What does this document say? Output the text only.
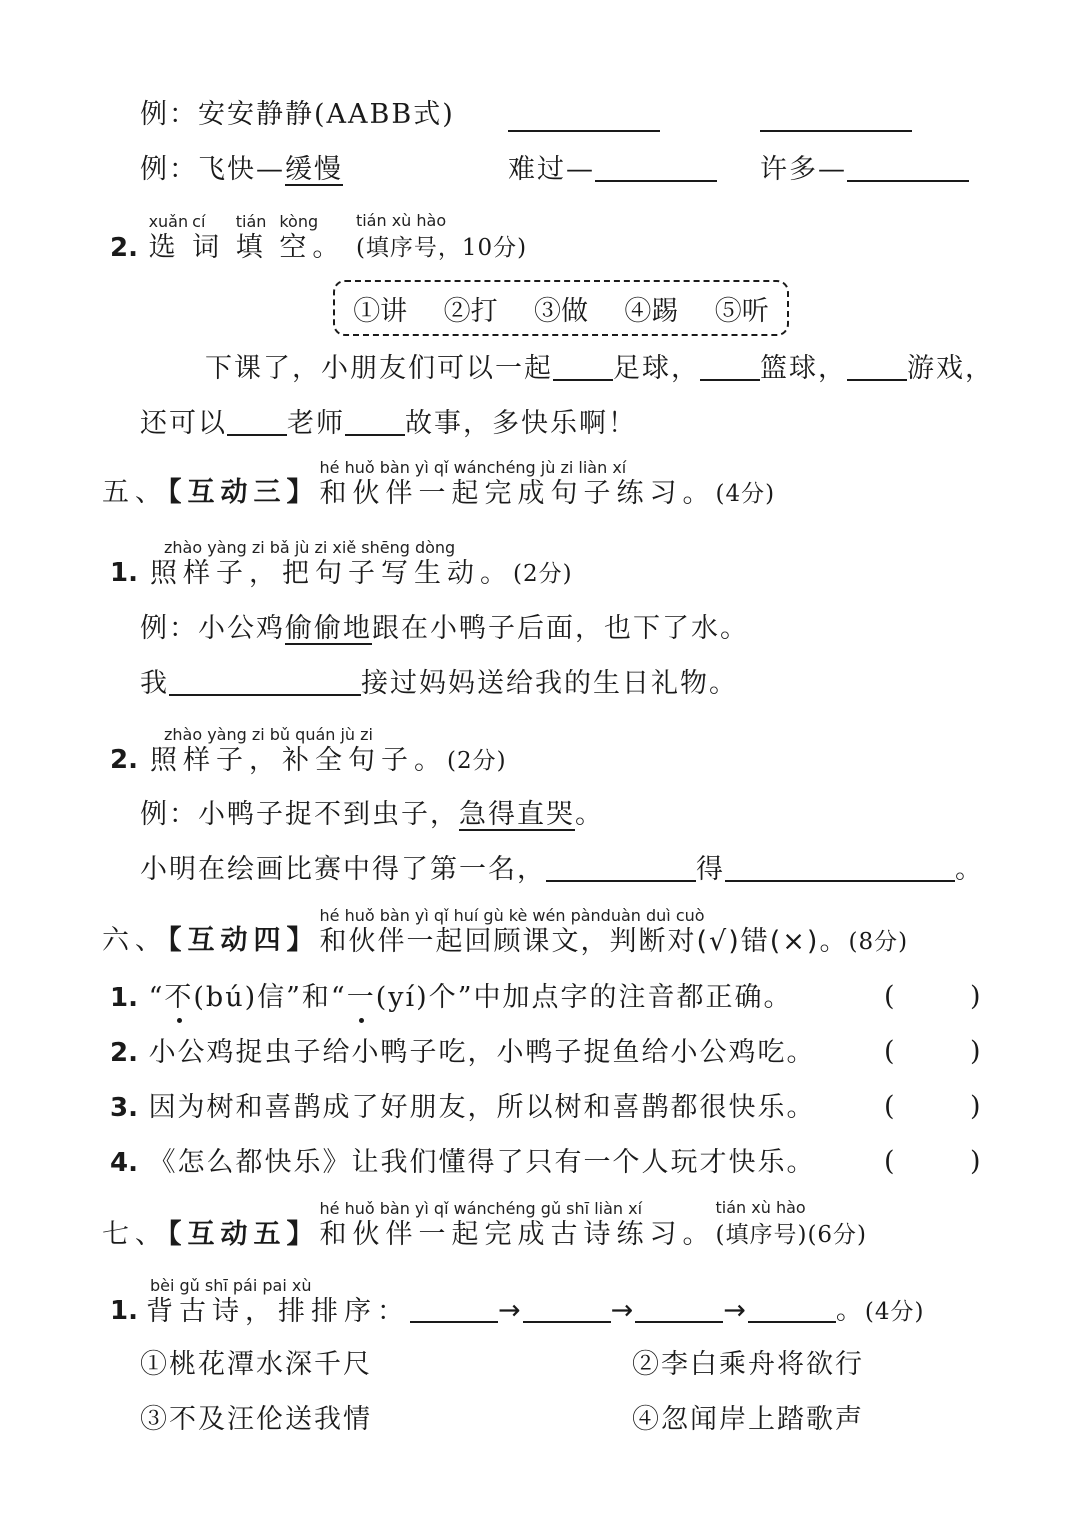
例：安安静静(AABB式)
例：飞快—缓慢	难过—	许多—
2.
xuǎn
选
cí
词
tián
填
kòng
空。
tián xù hào
(填序号，10分)
①讲 ②打 ③做 ④踢 ⑤听
下课了，小朋友们可以一起 足球， 篮球， 游戏，
还可以 老师 故事，多快乐啊！
五、【互动三】
hé huǒ bàn yì qǐ wánchéng jù zi liàn xí
和伙伴一起完成句子练习。(4分)
1.
zhào yàng zi bǎ jù zi xiě shēng dòng
照样子，把句子写生动。(2分)
例：小公鸡偷偷地跟在小鸭子后面，也下了水。
我	接过妈妈送给我的生日礼物。
2.
zhào yàng zi bǔ quán jù zi
照样子，补全句子。(2分)
例：小鸭子捉不到虫子，急得直哭。
小明在绘画比赛中得了第一名，	得	。
六、【互动四】
hé huǒ bàn yì qǐ huí gù kè wén pànduàn duì cuò
和伙伴一起回顾课文，判断对(√)错(×)。(8分)
1. “不(bú)信”和“一(yí)个”中加点字的注音都正确。	(	)
2. 小公鸡捉虫子给小鸭子吃，小鸭子捉鱼给小公鸡吃。	(	)
3. 因为树和喜鹊成了好朋友，所以树和喜鹊都很快乐。	(	)
4. 《怎么都快乐》让我们懂得了只有一个人玩才快乐。	(	)
七、【互动五】
hé huǒ bàn yì qǐ wánchéng gǔ shī liàn xí
和伙伴一起完成古诗练习。
tián xù hào
(填序号)(6分)
1.
bèi gǔ shī pái pai xù
背古诗，排排序：	→	→	→	。(4分)
①桃花潭水深千尺	②李白乘舟将欲行
③不及汪伦送我情	④忽闻岸上踏歌声
